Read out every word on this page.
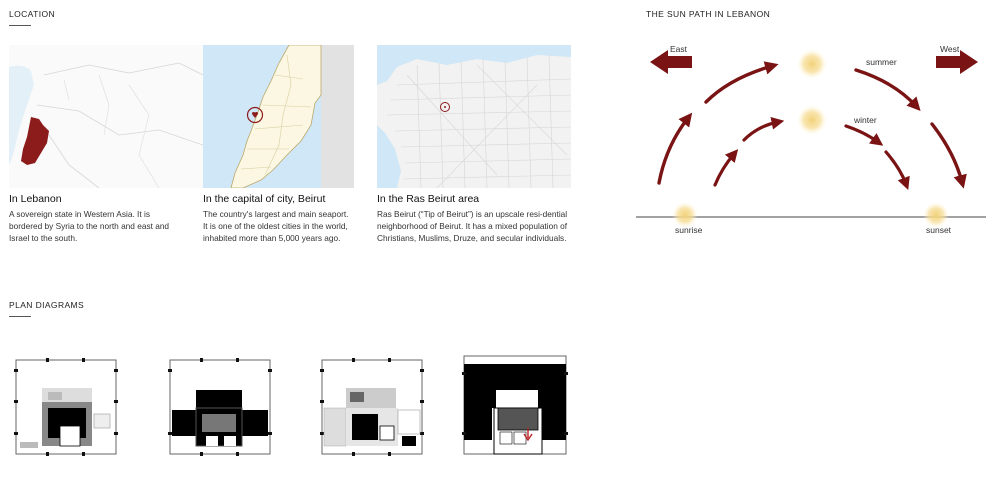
LOCATION
In Lebanon
A sovereign state in Western Asia. It is bordered by Syria to the north and east and Israel to the south.
In the capital of city, Beirut
The country's largest and main seaport. It is one of the oldest cities in the world, inhabited more than 5,000 years ago.
In the Ras Beirut area
Ras Beirut (“Tip of Beirut”) is an upscale resi-dential neighborhood of Beirut. It has a mixed population of Christians, Muslims, Druze, and secular individuals.
THE SUN PATH IN LEBANON
East	West
summer
winter
sunrise	sunset
PLAN DIAGRAMS
